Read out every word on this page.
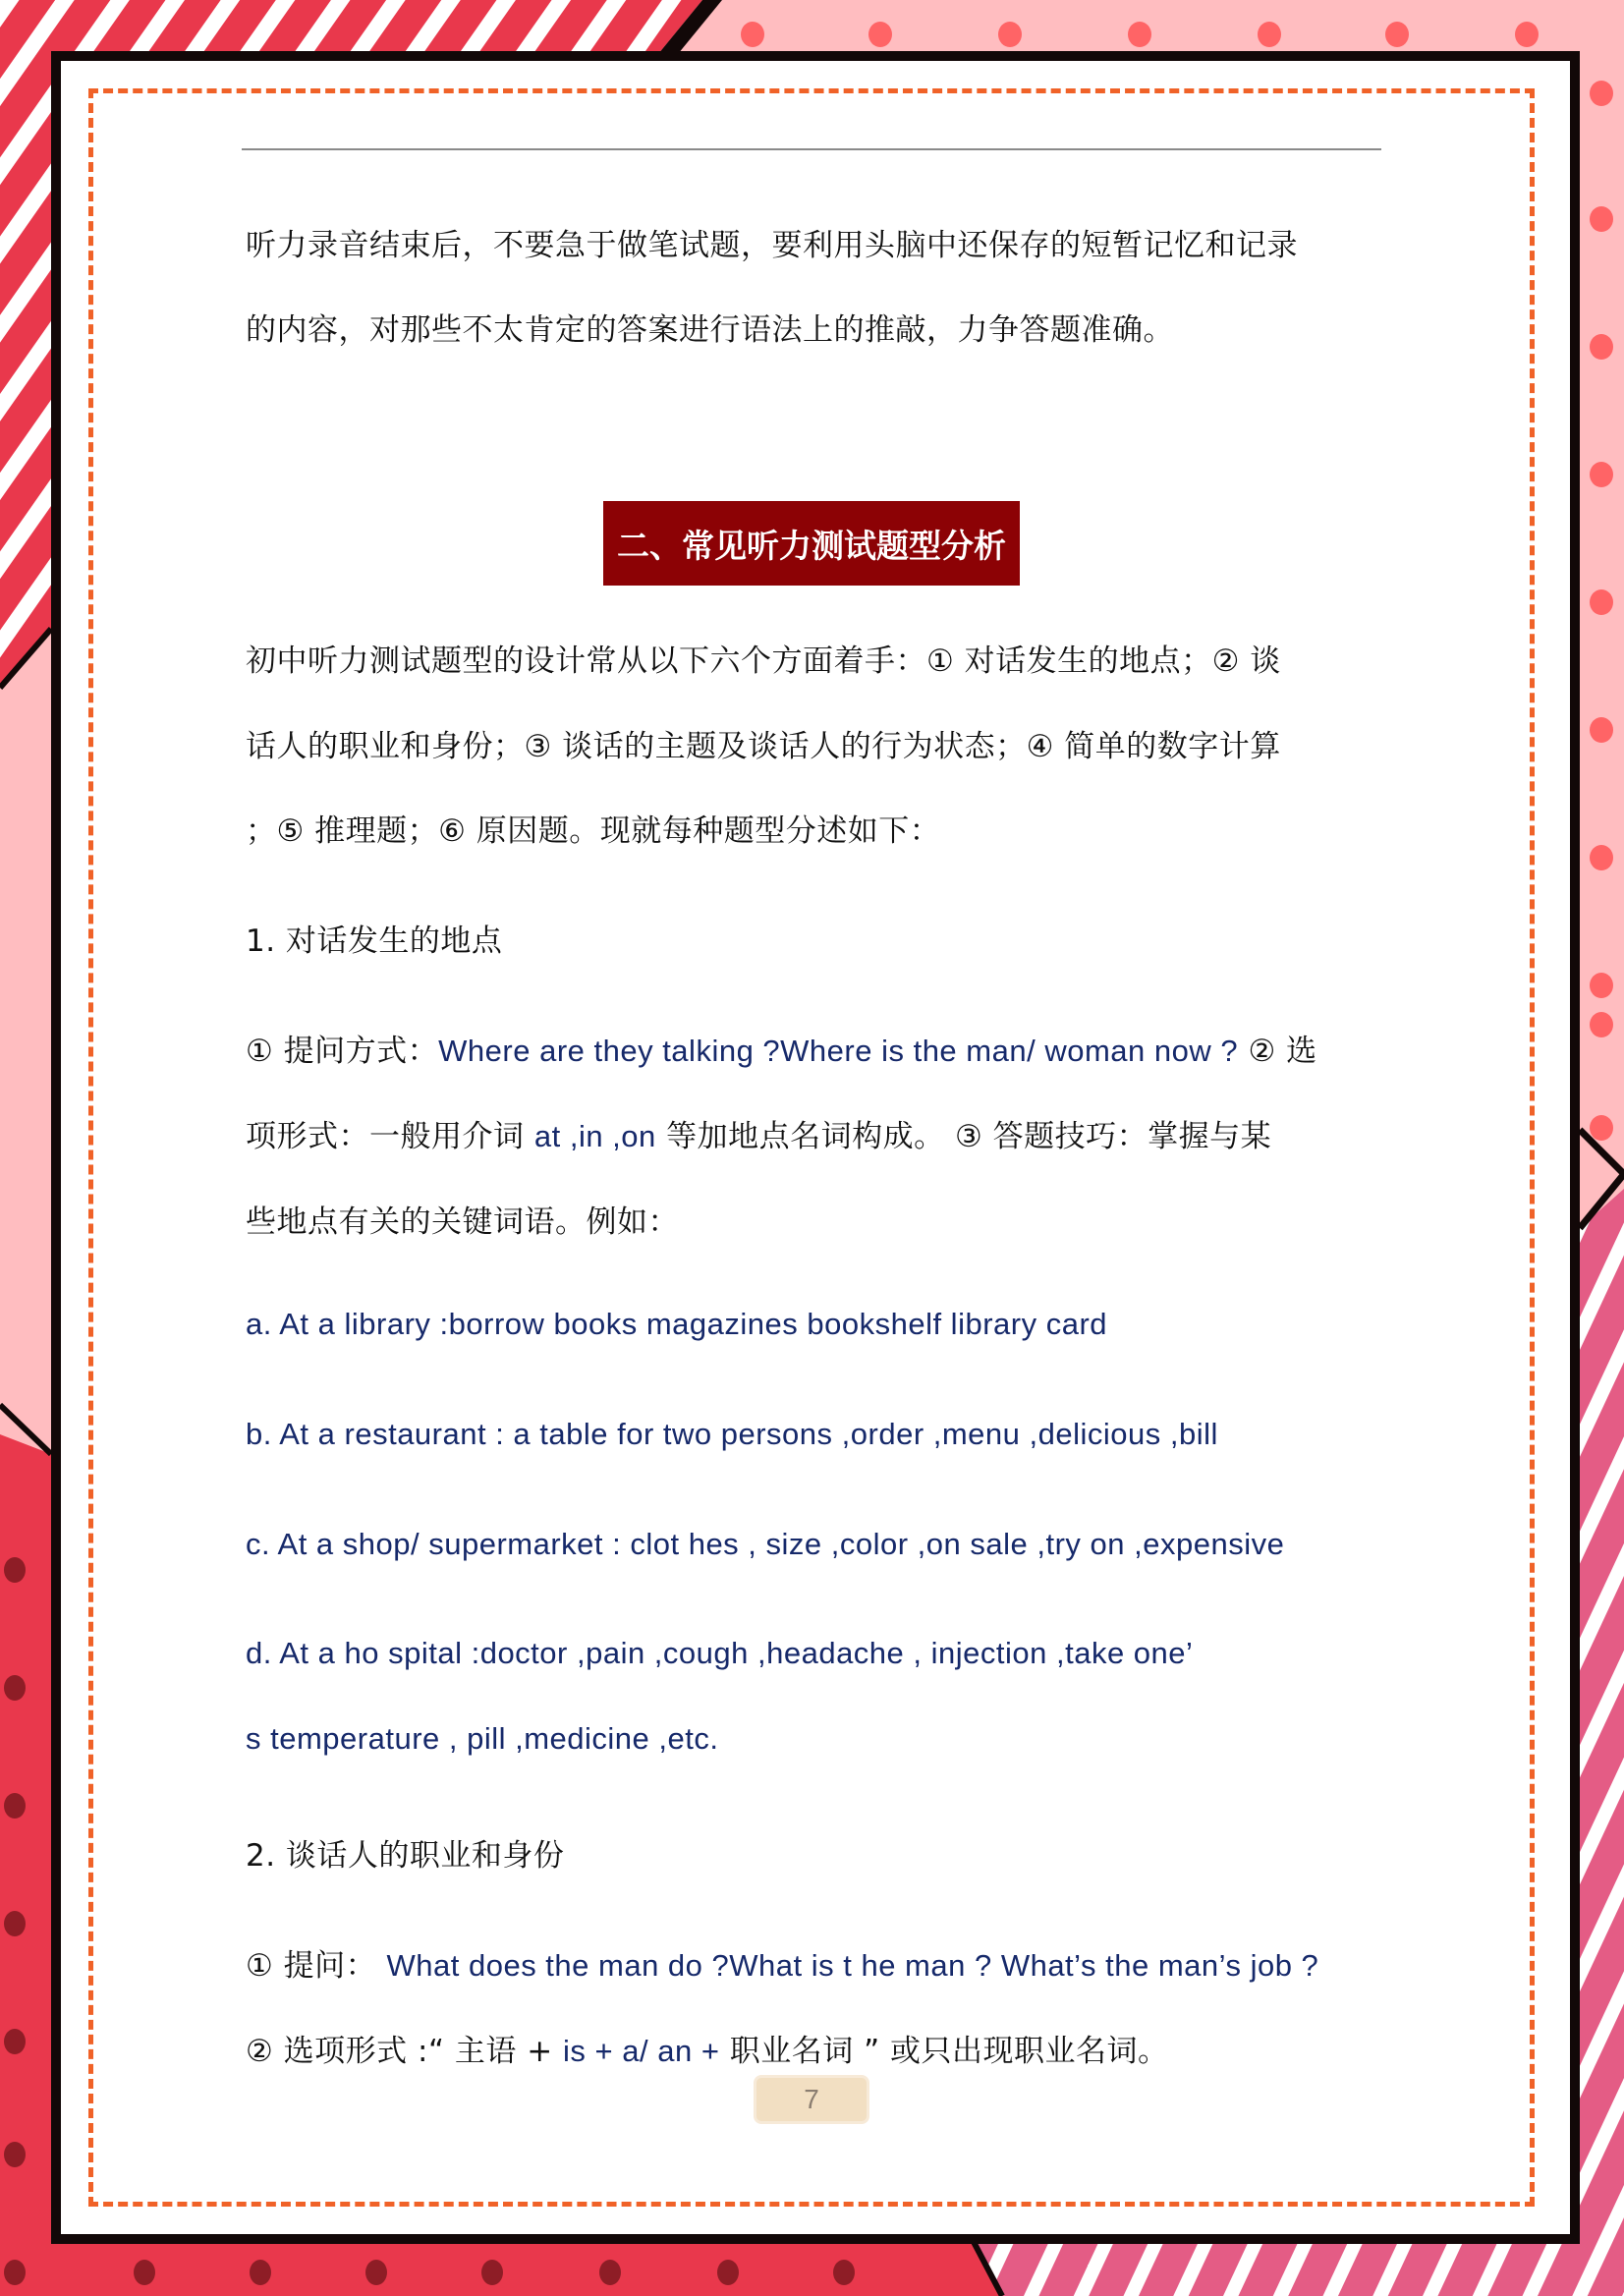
听力录音结束后，不要急于做笔试题，要利用头脑中还保存的短暂记忆和记录
的内容，对那些不太肯定的答案进行语法上的推敲，力争答题准确。
二、常见听力测试题型分析
初中听力测试题型的设计常从以下六个方面着手：① 对话发生的地点；② 谈
话人的职业和身份；③ 谈话的主题及谈话人的行为状态；④ 简单的数字计算
；⑤ 推理题；⑥ 原因题。现就每种题型分述如下：
1. 对话发生的地点
① 提问方式：Where are they talking ?Where is the man/ woman now ? ② 选
项形式：一般用介词 at ,in ,on 等加地点名词构成。 ③ 答题技巧：掌握与某
些地点有关的关键词语。例如：
a. At a library :borrow books magazines bookshelf library card
b. At a restaurant : a table for two persons ,order ,menu ,delicious ,bill
c. At a shop/ supermarket : clot hes , size ,color ,on sale ,try on ,expensive
d. At a ho spital :doctor ,pain ,cough ,headache , injection ,take one’
s temperature , pill ,medicine ,etc.
2. 谈话人的职业和身份
① 提问： What does the man do ?What is t he man ? What’s the man’s job ?
② 选项形式 :“ 主语 + is + a/ an + 职业名词 ” 或只出现职业名词。
7
